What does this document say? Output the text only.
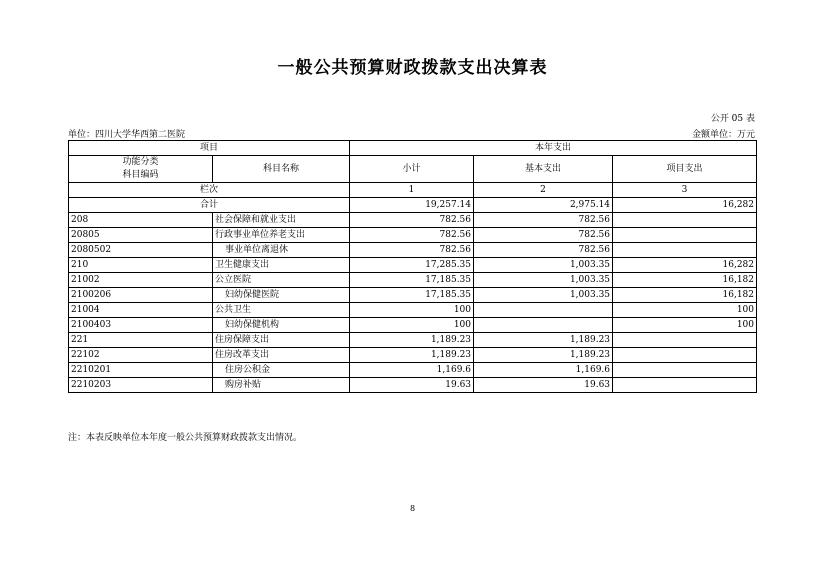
一般公共预算财政拨款支出决算表
公开 05 表
单位：四川大学华西第二医院	金额单位：万元
项目		本年支出		

功能分类
科目编码	科目名称	小计	基本支出	项目支出
栏次		1	2	3
合计		19,257.14	2,975.14	16,282
208	社会保障和就业支出	782.56	782.56	
20805	行政事业单位养老支出	782.56	782.56	
2080502	事业单位离退休	782.56	782.56	
210	卫生健康支出	17,285.35	1,003.35	16,282
21002	公立医院	17,185.35	1,003.35	16,182
2100206	妇幼保健医院	17,185.35	1,003.35	16,182
21004	公共卫生	100		100
2100403	妇幼保健机构	100		100
221	住房保障支出	1,189.23	1,189.23	
22102	住房改革支出	1,189.23	1,189.23	
2210201	住房公积金	1,169.6	1,169.6	
2210203	购房补贴	19.63	19.63	
注：本表反映单位本年度一般公共预算财政拨款支出情况。
8
